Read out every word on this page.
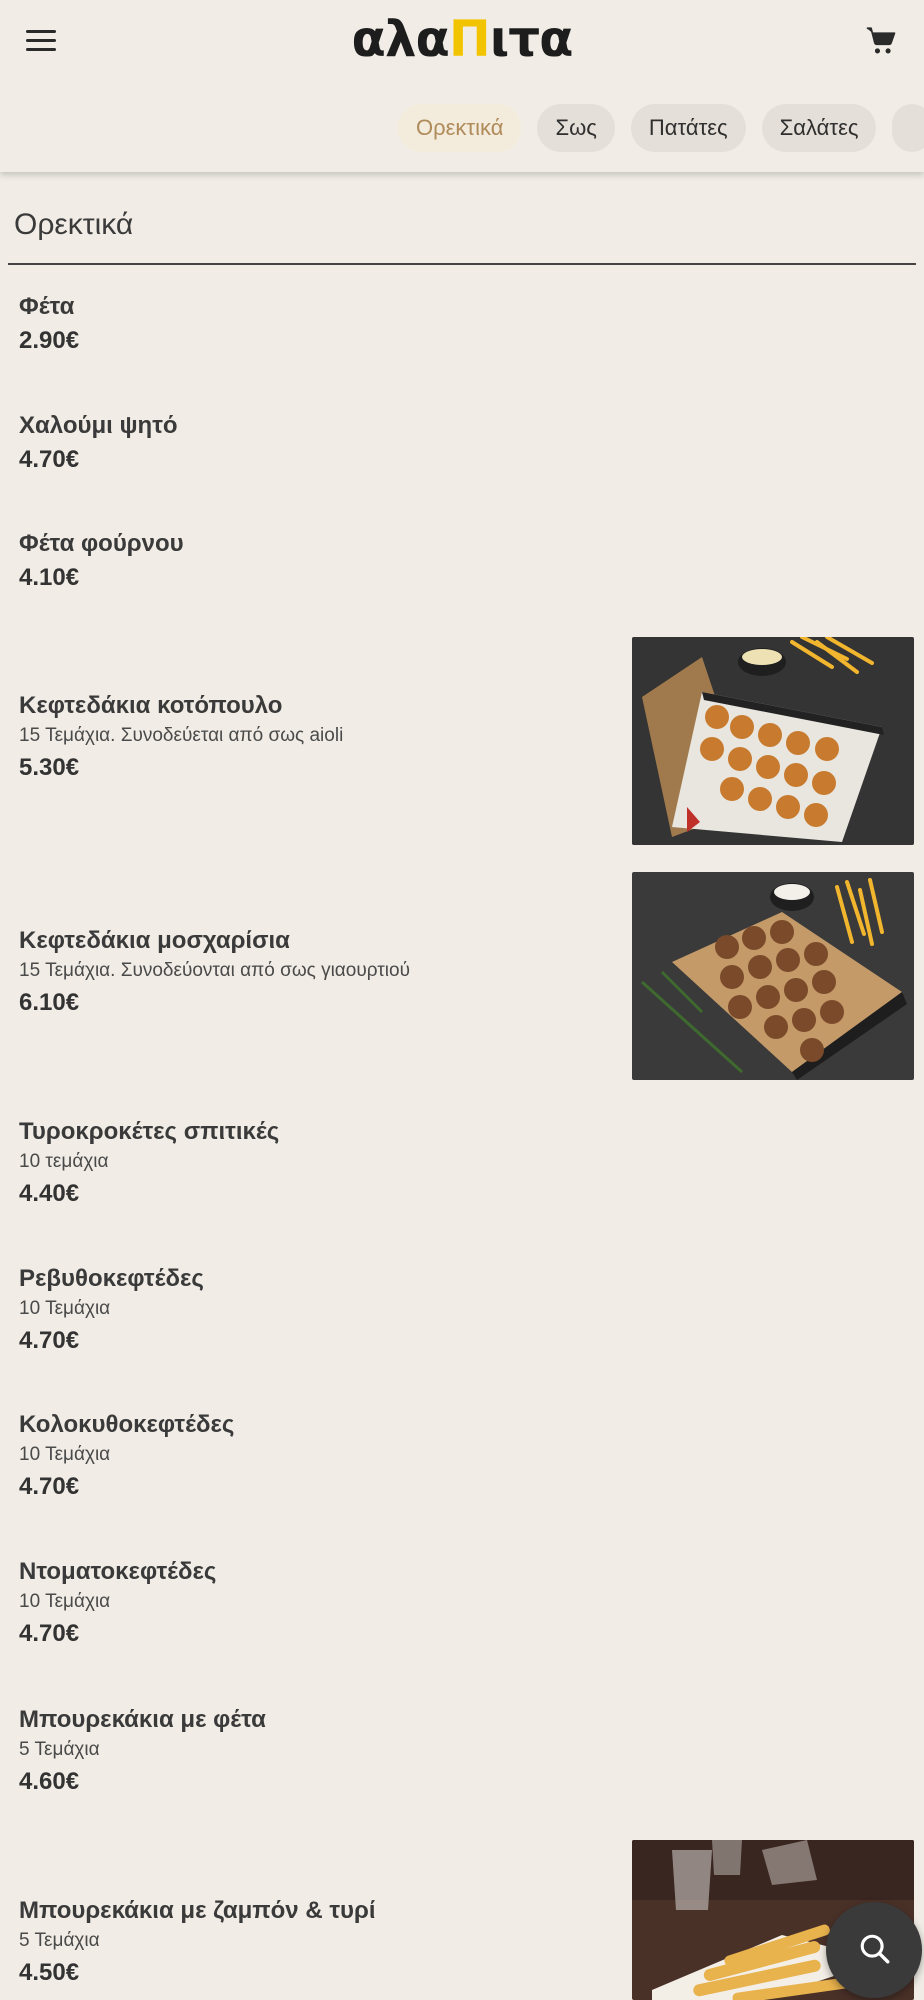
αλαΠιτα
Ορεκτικά Σως Πατάτες Σαλάτες
Ορεκτικά
Φέτα
2.90€
Χαλούμι ψητό
4.70€
Φέτα φούρνου
4.10€
Κεφτεδάκια κοτόπουλο
15 Τεμάχια. Συνοδεύεται από σως aioli
5.30€
Κεφτεδάκια μοσχαρίσια
15 Τεμάχια. Συνοδεύονται από σως γιαουρτιού
6.10€
Τυροκροκέτες σπιτικές
10 τεμάχια
4.40€
Ρεβυθοκεφτέδες
10 Τεμάχια
4.70€
Κολοκυθοκεφτέδες
10 Τεμάχια
4.70€
Ντοματοκεφτέδες
10 Τεμάχια
4.70€
Μπουρεκάκια με φέτα
5 Τεμάχια
4.60€
Μπουρεκάκια με ζαμπόν & τυρί
5 Τεμάχια
4.50€
